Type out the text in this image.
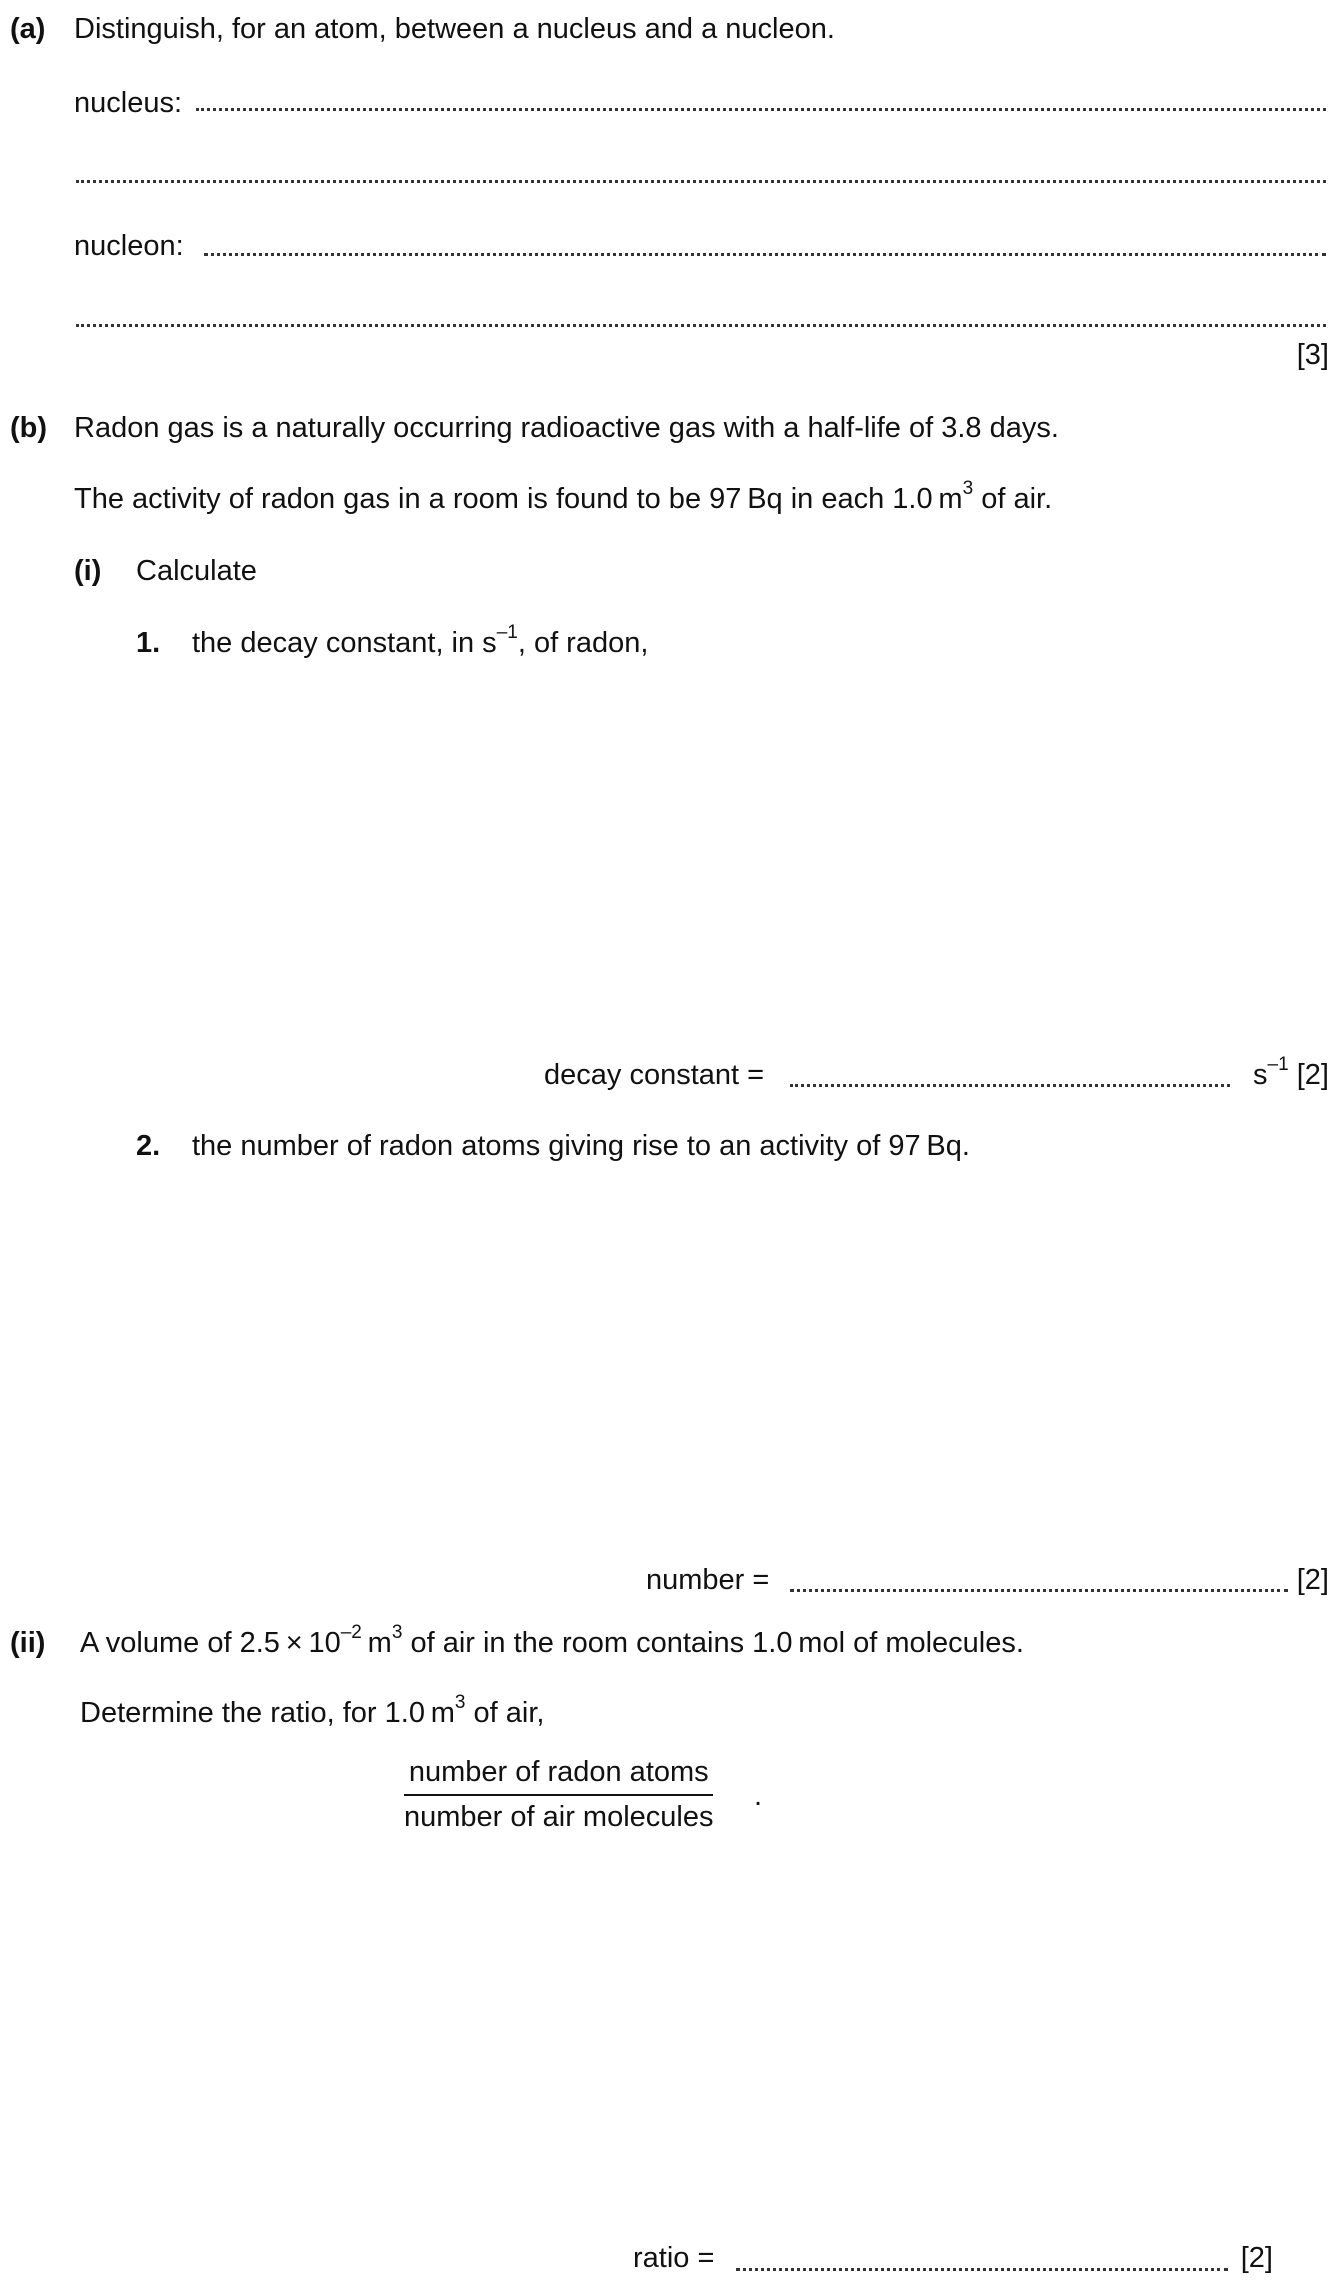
(a) Distinguish, for an atom, between a nucleus and a nucleon.
nucleus:
nucleon:
[3]
(b) Radon gas is a naturally occurring radioactive gas with a half-life of 3.8 days.
The activity of radon gas in a room is found to be 97 Bq in each 1.0 $m^3$ of air.
(i) Calculate
1. the decay constant, in $s^{-1}$, of radon,
decay constant =	$s^{-1}$ [2]
2. the number of radon atoms giving rise to an activity of 97 Bq.
number =	[2]
(ii) A volume of $2.5 \times 10^{-2}$ $m^3$ of air in the room contains 1.0 mol of molecules.
Determine the ratio, for 1.0 $m^3$ of air,
number of radon atoms
number of air molecules
.
ratio =	[2]
